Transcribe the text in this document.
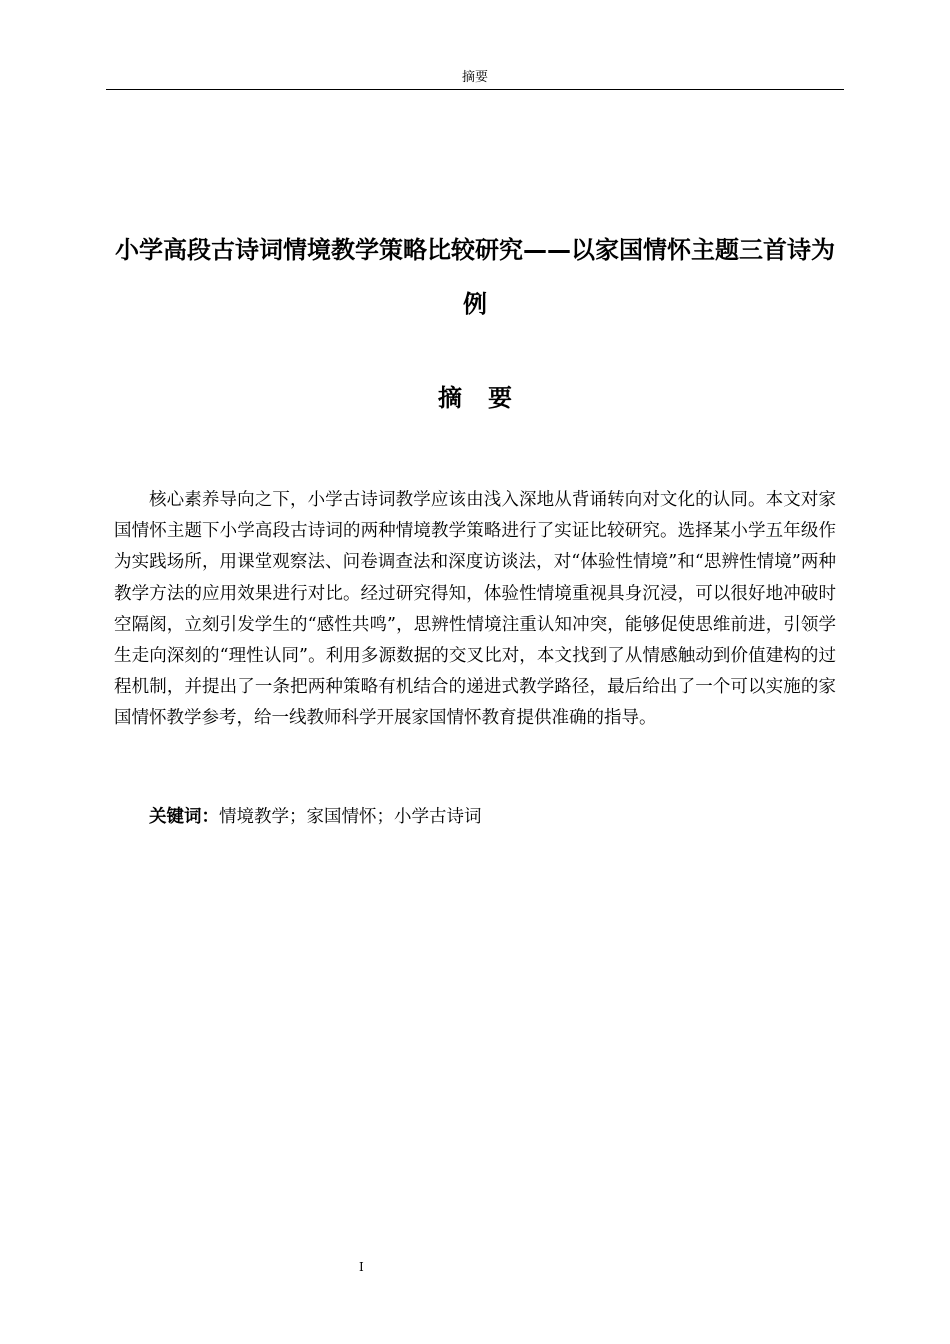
摘要
小学高段古诗词情境教学策略比较研究——以家国情怀主题三首诗为例
摘要

核心素养导向之下，小学古诗词教学应该由浅入深地从背诵转向对文化的认同。本文对家国情怀主题下小学高段古诗词的两种情境教学策略进行了实证比较研究。选择某小学五年级作为实践场所，用课堂观察法、问卷调查法和深度访谈法，对“体验性情境”和“思辨性情境”两种教学方法的应用效果进行对比。经过研究得知，体验性情境重视具身沉浸，可以很好地冲破时空隔阂，立刻引发学生的“感性共鸣”，思辨性情境注重认知冲突，能够促使思维前进，引领学生走向深刻的“理性认同”。利用多源数据的交叉比对，本文找到了从情感触动到价值建构的过程机制，并提出了一条把两种策略有机结合的递进式教学路径，最后给出了一个可以实施的家国情怀教学参考，给一线教师科学开展家国情怀教育提供准确的指导。

关键词：情境教学；家国情怀；小学古诗词
I
